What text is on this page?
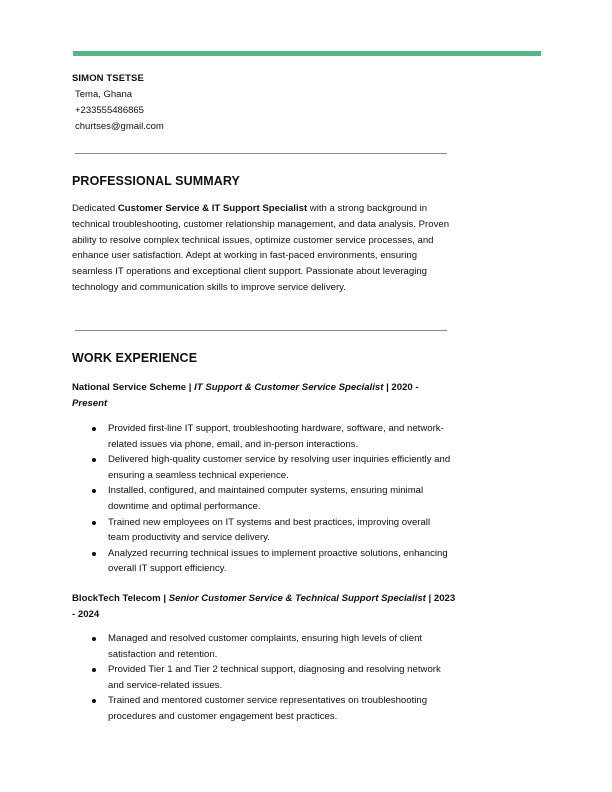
SIMON TSETSE
Tema, Ghana
+233555486865
churtses@gmail.com
PROFESSIONAL SUMMARY
Dedicated Customer Service & IT Support Specialist with a strong background in technical troubleshooting, customer relationship management, and data analysis. Proven ability to resolve complex technical issues, optimize customer service processes, and enhance user satisfaction. Adept at working in fast-paced environments, ensuring seamless IT operations and exceptional client support. Passionate about leveraging technology and communication skills to improve service delivery.
WORK EXPERIENCE
National Service Scheme | IT Support & Customer Service Specialist | 2020 -
Present
Provided first-line IT support, troubleshooting hardware, software, and network-related issues via phone, email, and in-person interactions.
Delivered high-quality customer service by resolving user inquiries efficiently and ensuring a seamless technical experience.
Installed, configured, and maintained computer systems, ensuring minimal downtime and optimal performance.
Trained new employees on IT systems and best practices, improving overall team productivity and service delivery.
Analyzed recurring technical issues to implement proactive solutions, enhancing overall IT support efficiency.
BlockTech Telecom | Senior Customer Service & Technical Support Specialist | 2023 - 2024
Managed and resolved customer complaints, ensuring high levels of client satisfaction and retention.
Provided Tier 1 and Tier 2 technical support, diagnosing and resolving network and service-related issues.
Trained and mentored customer service representatives on troubleshooting procedures and customer engagement best practices.
